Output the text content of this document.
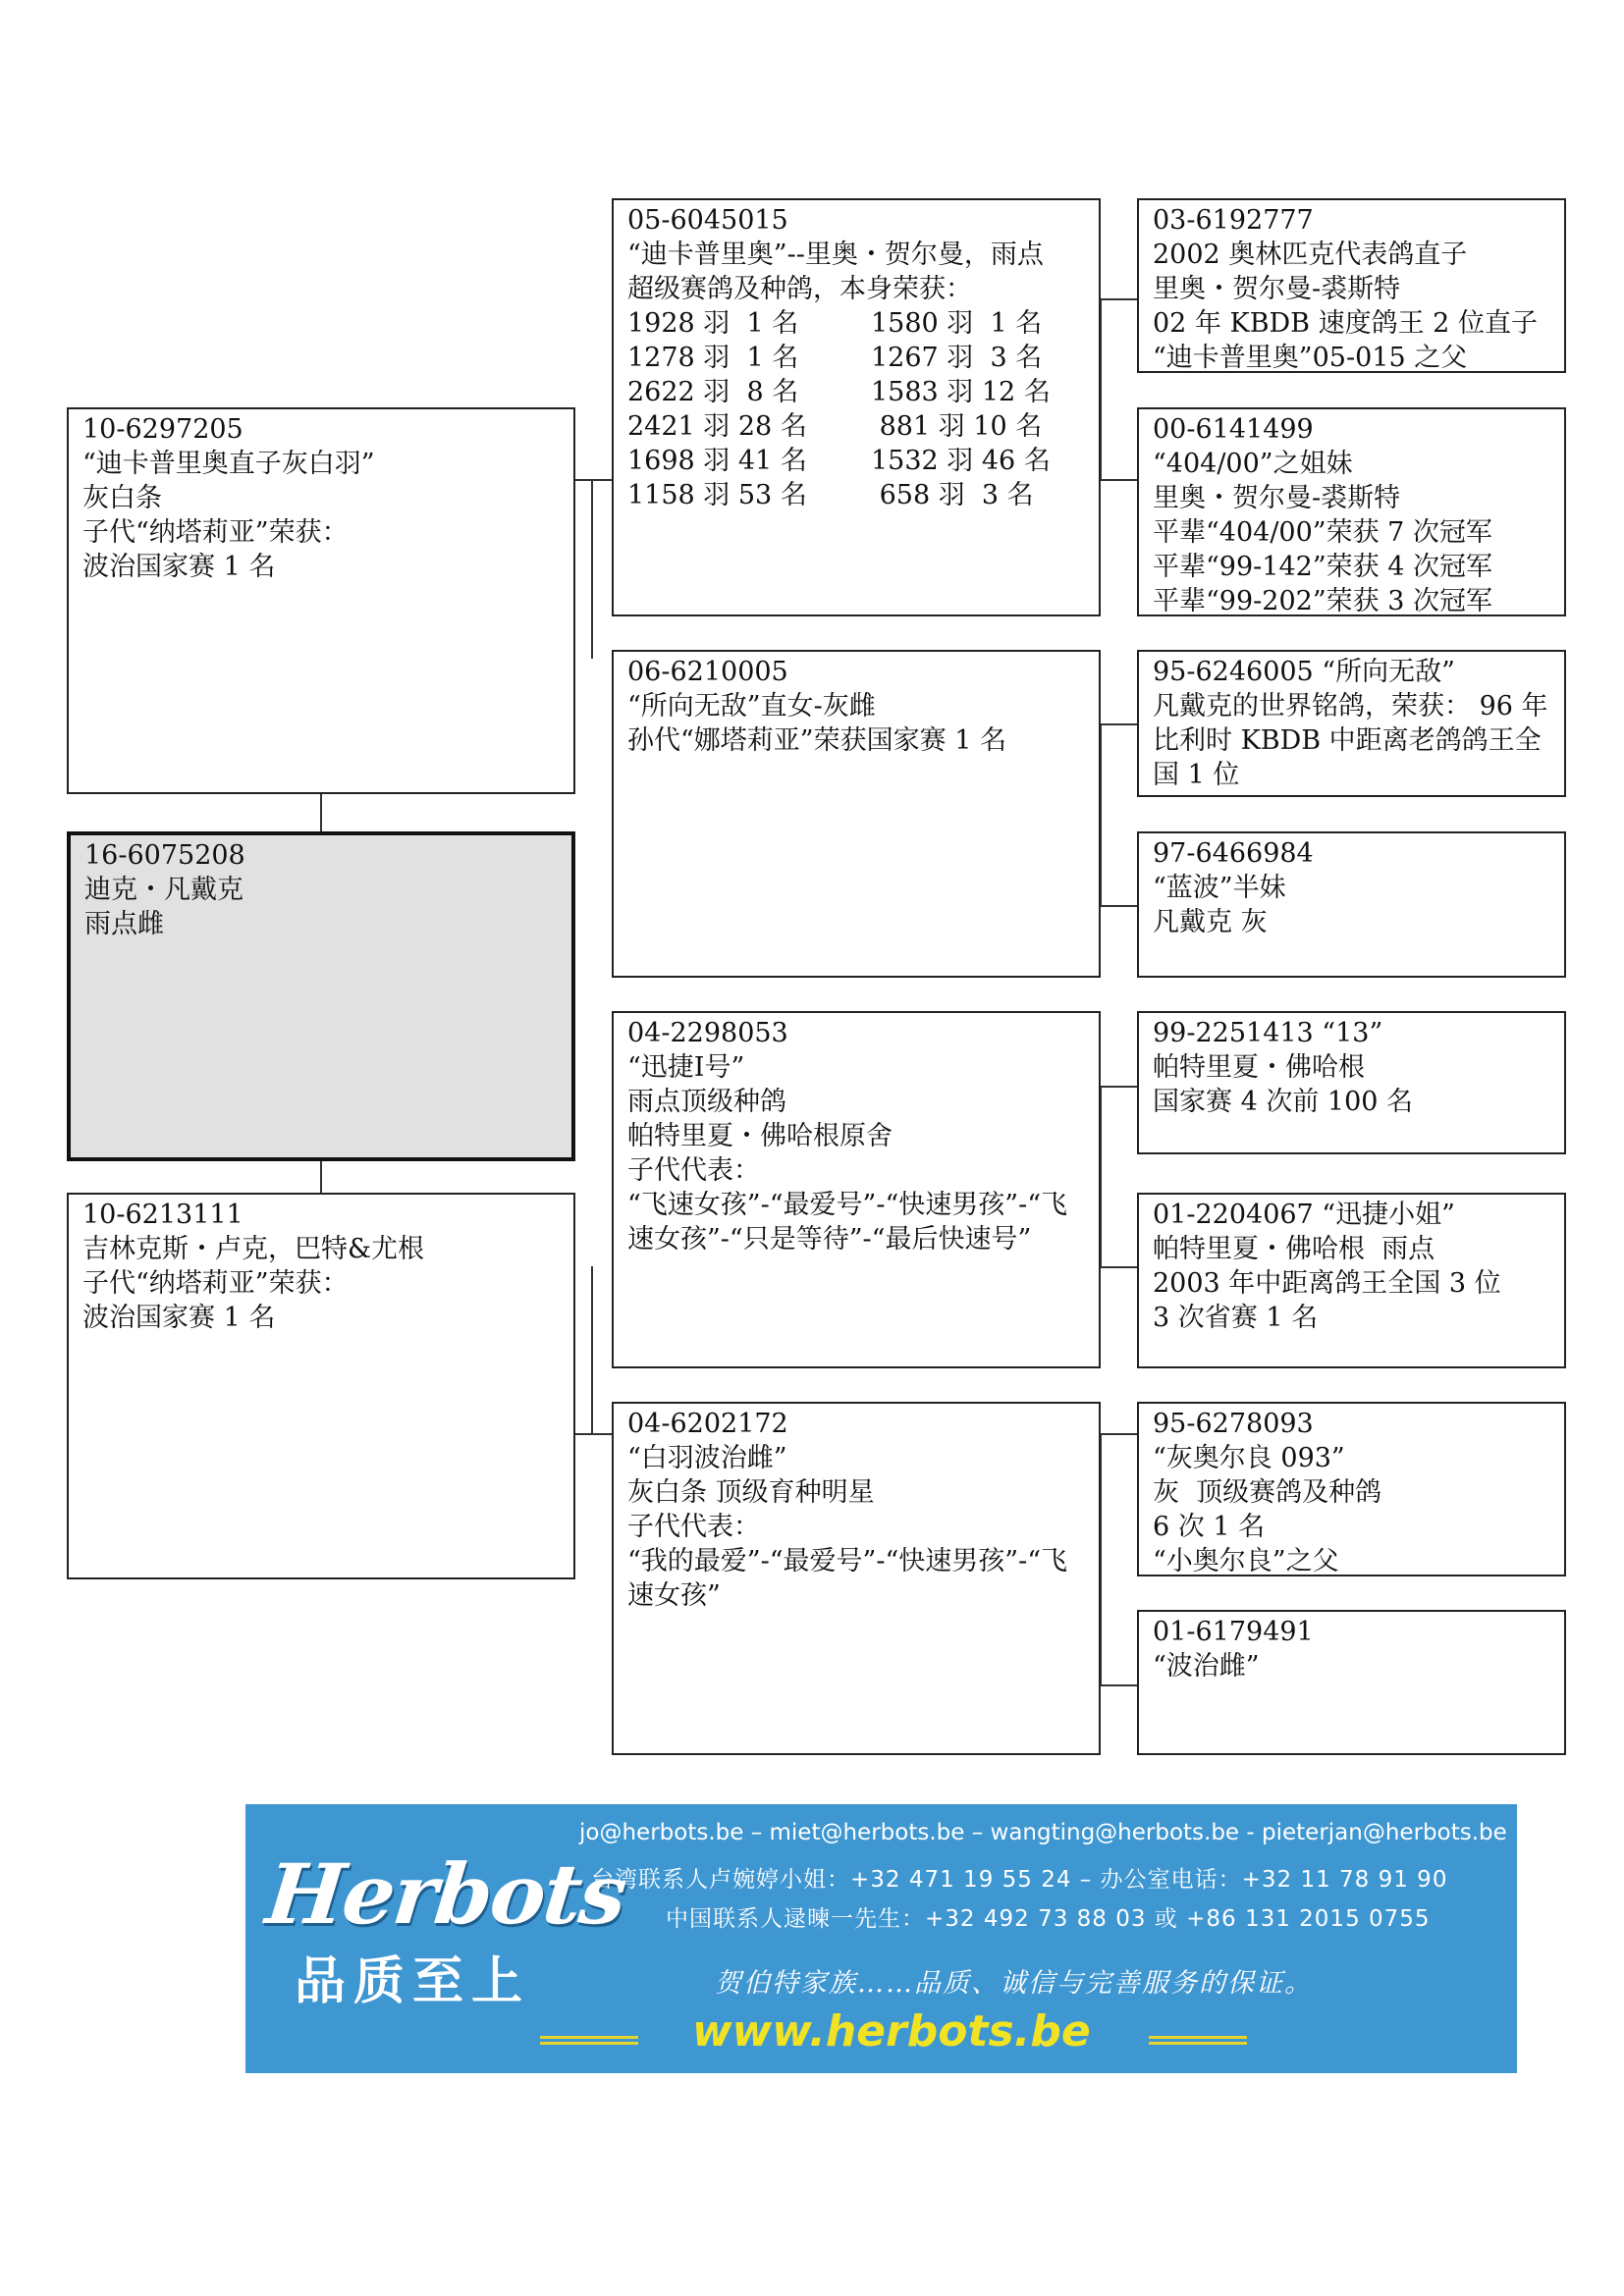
10-6297205
“迪卡普里奥直子灰白羽”
灰白条
子代“纳塔莉亚”荣获：
波治国家赛 1 名
16-6075208
迪克・凡戴克
雨点雌
10-6213111
吉林克斯・卢克，巴特&尤根
子代“纳塔莉亚”荣获：
波治国家赛 1 名
05-6045015
“迪卡普里奥”--里奥・贺尔曼，雨点
超级赛鸽及种鸽，本身荣获：
1928 羽  1 名	1580 羽  1 名
1278 羽  1 名	1267 羽  3 名
2622 羽  8 名	1583 羽 12 名
2421 羽 28 名	881 羽 10 名
1698 羽 41 名	1532 羽 46 名
1158 羽 53 名	658 羽  3 名
06-6210005
“所向无敌”直女-灰雌
孙代“娜塔莉亚”荣获国家赛 1 名
04-2298053
“迅捷Ⅰ号”
雨点顶级种鸽
帕特里夏・佛哈根原舍
子代代表：
“飞速女孩”-“最爱号”-“快速男孩”-“飞速女孩”-“只是等待”-“最后快速号”
04-6202172
“白羽波治雌”
灰白条 顶级育种明星
子代代表：
“我的最爱”-“最爱号”-“快速男孩”-“飞速女孩”
03-6192777
2002 奥林匹克代表鸽直子
里奥・贺尔曼-裘斯特
02 年 KBDB 速度鸽王 2 位直子
“迪卡普里奥”05-015 之父
00-6141499
“404/00”之姐妹
里奥・贺尔曼-裘斯特
平辈“404/00”荣获 7 次冠军
平辈“99-142”荣获 4 次冠军
平辈“99-202”荣获 3 次冠军
95-6246005 “所向无敌”
凡戴克的世界铭鸽，荣获： 96 年比利时 KBDB 中距离老鸽鸽王全国 1 位
97-6466984
“蓝波”半妹
凡戴克 灰
99-2251413 “13”
帕特里夏・佛哈根
国家赛 4 次前 100 名
01-2204067 “迅捷小姐”
帕特里夏・佛哈根  雨点
2003 年中距离鸽王全国 3 位
3 次省赛 1 名
95-6278093
“灰奥尔良 093”
灰  顶级赛鸽及种鸽
6 次 1 名
“小奥尔良”之父
01-6179491
“波治雌”
Herbots
品质至上
jo@herbots.be – miet@herbots.be – wangting@herbots.be - pieterjan@herbots.be
台湾联系人卢婉婷小姐：+32 471 19 55 24 – 办公室电话：+32 11 78 91 90
中国联系人逯暕一先生：+32 492 73 88 03 或 +86 131 2015 0755
贺伯特家族……品质、诚信与完善服务的保证。
www.herbots.be
